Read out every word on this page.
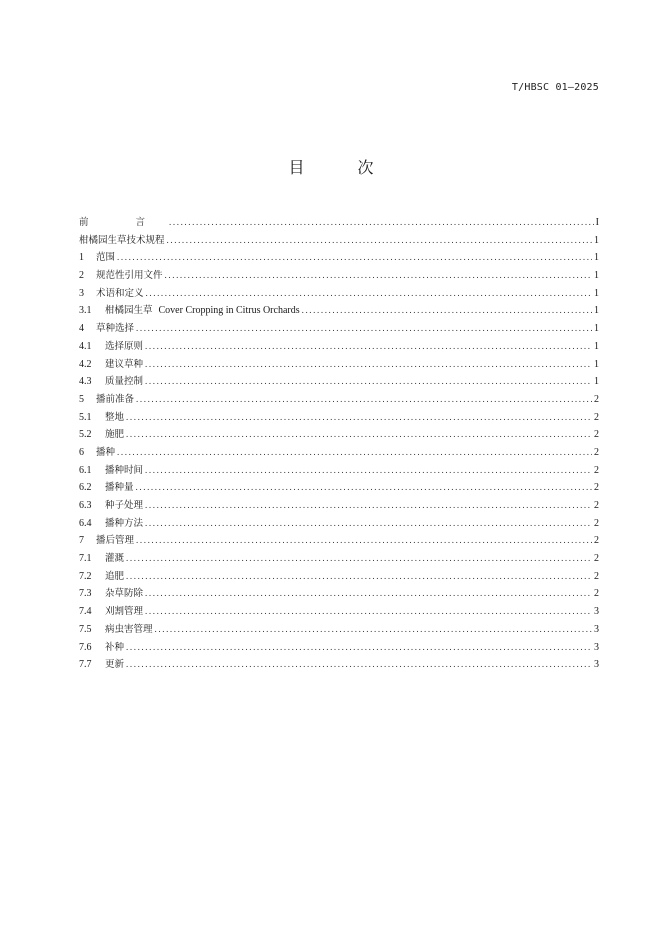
T/HBSC 01—2025
目 次
前 言 .....	I
柑橘园生草技术规程 .....	1
1	范围 .....	1
2	规范性引用文件 .....	1
3	术语和定义 .....	1
3.1	柑橘园生草 Cover Cropping in Citrus Orchards .....	1
4	草种选择 .....	1
4.1	选择原则 .....	1
4.2	建议草种 .....	1
4.3	质量控制 .....	1
5	播前准备 .....	2
5.1	整地 .....	2
5.2	施肥 .....	2
6	播种 .....	2
6.1	播种时间 .....	2
6.2	播种量 .....	2
6.3	种子处理 .....	2
6.4	播种方法 .....	2
7	播后管理 .....	2
7.1	灌溉 .....	2
7.2	追肥 .....	2
7.3	杂草防除 .....	2
7.4	刈割管理 .....	3
7.5	病虫害管理 .....	3
7.6	补种 .....	3
7.7	更新 .....	3
